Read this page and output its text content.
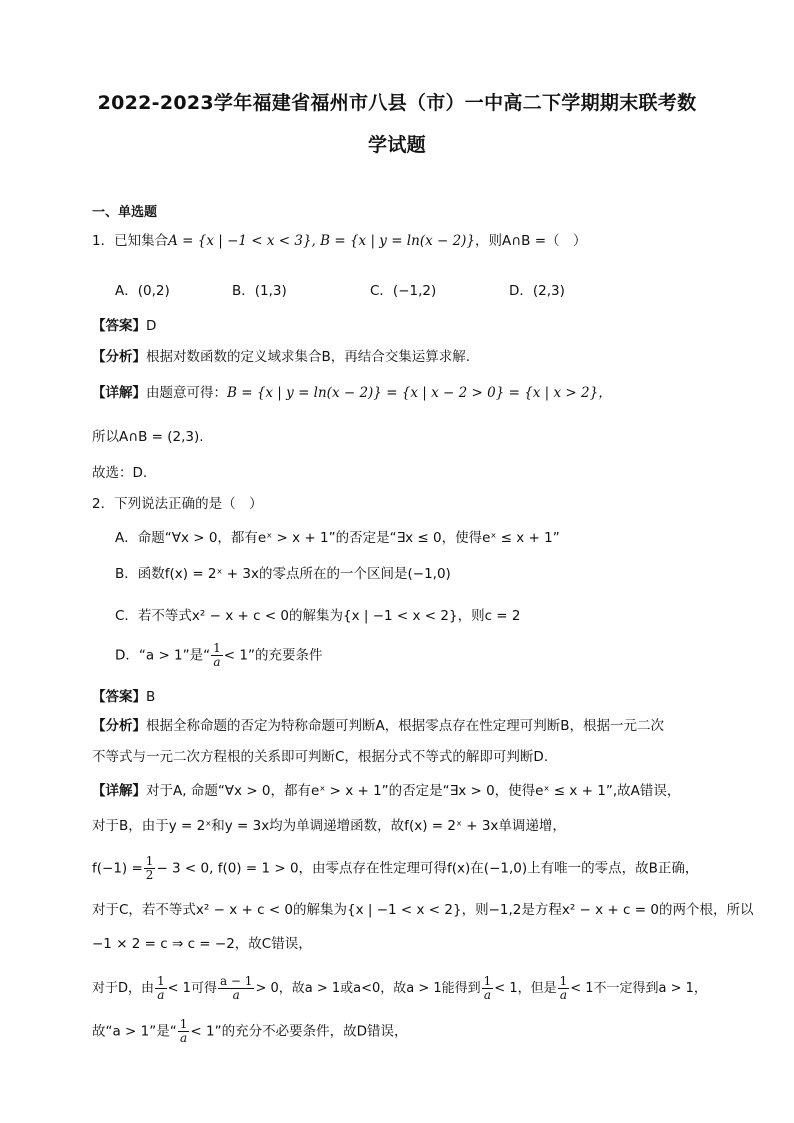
2022-2023学年福建省福州市八县（市）一中高二下学期期末联考数
学试题
一、单选题
1．已知集合A = {x | −1 < x < 3}, B = {x | y = ln(x − 2)}，则A∩B =（　）
A．(0,2)	B．(1,3)	C．(−1,2)	D．(2,3)
【答案】D
【分析】根据对数函数的定义域求集合B，再结合交集运算求解.
【详解】由题意可得：B = {x | y = ln(x − 2)} = {x | x − 2 > 0} = {x | x > 2}，
所以A∩B = (2,3).
故选：D.
2．下列说法正确的是（　）
A．命题“∀x > 0，都有eˣ > x + 1”的否定是“∃x ≤ 0，使得eˣ ≤ x + 1”
B．函数f(x) = 2ˣ + 3x的零点所在的一个区间是(−1,0)
C．若不等式x² − x + c < 0的解集为{x | −1 < x < 2}，则c = 2
D．“a > 1”是“ $\frac{1}{a} < 1$”的充要条件
【答案】B
【分析】根据全称命题的否定为特称命题可判断A，根据零点存在性定理可判断B，根据一元二次
不等式与一元二次方程根的关系即可判断C，根据分式不等式的解即可判断D.
【详解】对于A, 命题“∀x > 0，都有eˣ > x + 1”的否定是“∃x > 0，使得eˣ ≤ x + 1”,故A错误，
对于B，由于y = 2ˣ和y = 3x均为单调递增函数，故f(x) = 2ˣ + 3x单调递增，
$f(-1) = \frac{1}{2} - 3 < 0$, f(0) = 1 > 0，由零点存在性定理可得f(x)在(−1,0)上有唯一的零点，故B正确，
对于C，若不等式x² − x + c < 0的解集为{x | −1 < x < 2}，则−1,2是方程x² − x + c = 0的两个根，所以
−1 × 2 = c ⇒ c = −2，故C错误，
对于D，由 $\frac{1}{a} < 1$可得 $\frac{a - 1}{a} > 0$，故a > 1或a<0，故a > 1能得到 $\frac{1}{a} < 1$，但是 $\frac{1}{a} < 1$不一定得到a > 1，
故“a > 1”是“ $\frac{1}{a} < 1$”的充分不必要条件，故D错误，
